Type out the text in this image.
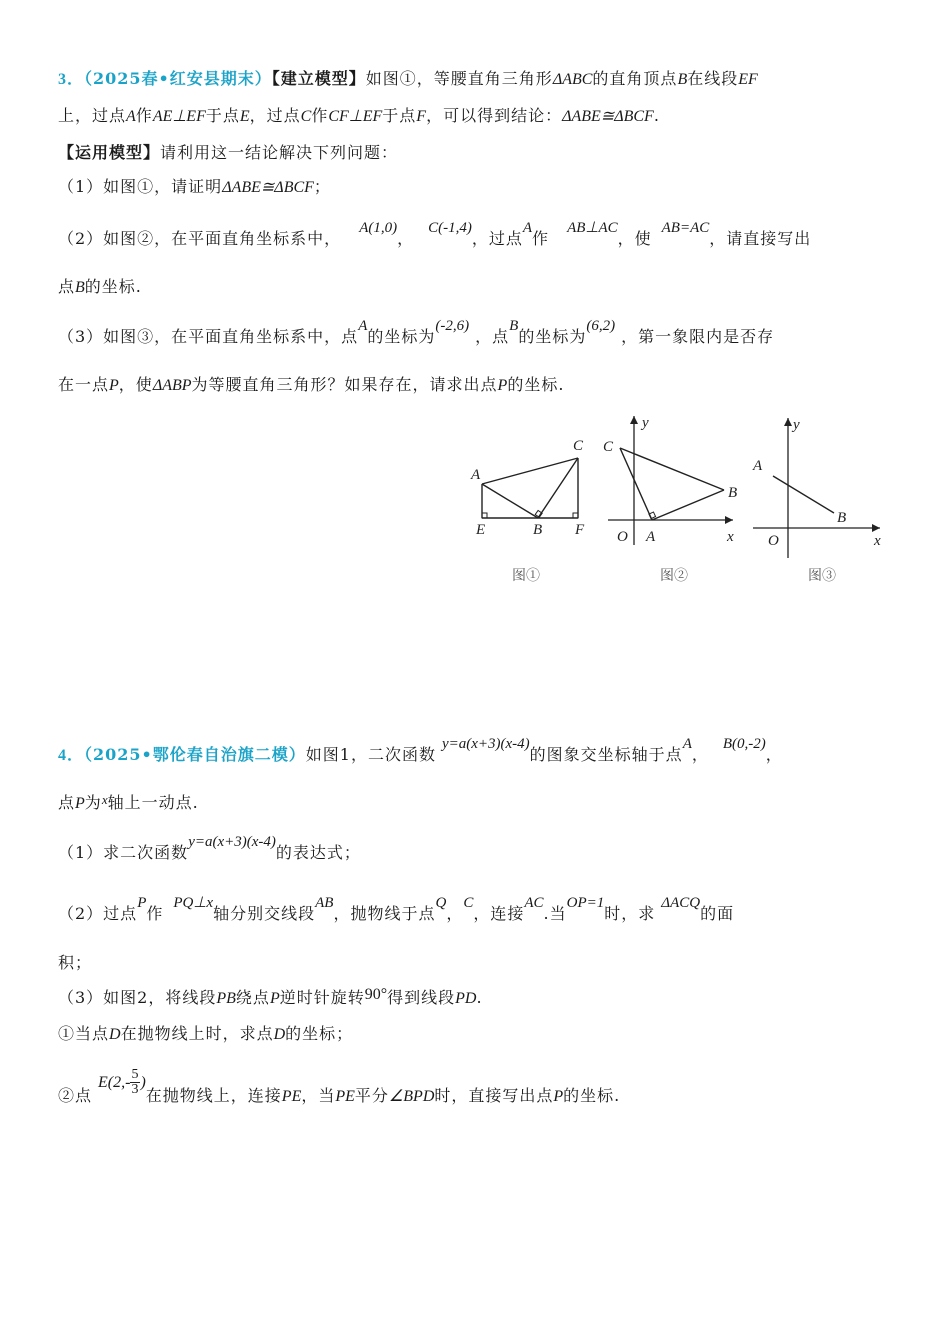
3．（2025春•红安县期末）【建立模型】如图①，等腰直角三角形ΔABC的直角顶点B在线段EF
上，过点A作AE⊥EF于点E，过点C作CF⊥EF于点F，可以得到结论：ΔABE≅ΔBCF.
【运用模型】请利用这一结论解决下列问题：
（1）如图①，请证明ΔABE≅ΔBCF；
（2）如图②，在平面直角坐标系中，A(1,0)，C(-1,4)，过点A作AB⊥AC，使AB=AC，请直接写出
点B的坐标.
（3）如图③，在平面直角坐标系中，点A的坐标为(-2,6)，点B的坐标为(6,2)，第一象限内是否存
在一点P，使ΔABP为等腰直角三角形？如果存在，请求出点P的坐标.
A
B
C
E	F
C
B
O A	x
y
A
B
O	x
y
图①	图②	图③
4．（2025•鄂伦春自治旗二模）如图1，二次函数y=a(x+3)(x-4)的图象交坐标轴于点A，B(0,-2)，
点P为$^x$轴上一动点.
（1）求二次函数y=a(x+3)(x-4)的表达式；
（2）过点P作PQ⊥x轴分别交线段AB，抛物线于点Q，C，连接AC.当OP=1时，求ΔACQ的面
积；
（3）如图2，将线段PB绕点P逆时针旋转90°得到线段PD.
①当点D在抛物线上时，求点D的坐标；
②点$E(2,- \frac{5}{3}$ )在抛物线上，连接PE，当PE平分∠BPD时，直接写出点P的坐标.
